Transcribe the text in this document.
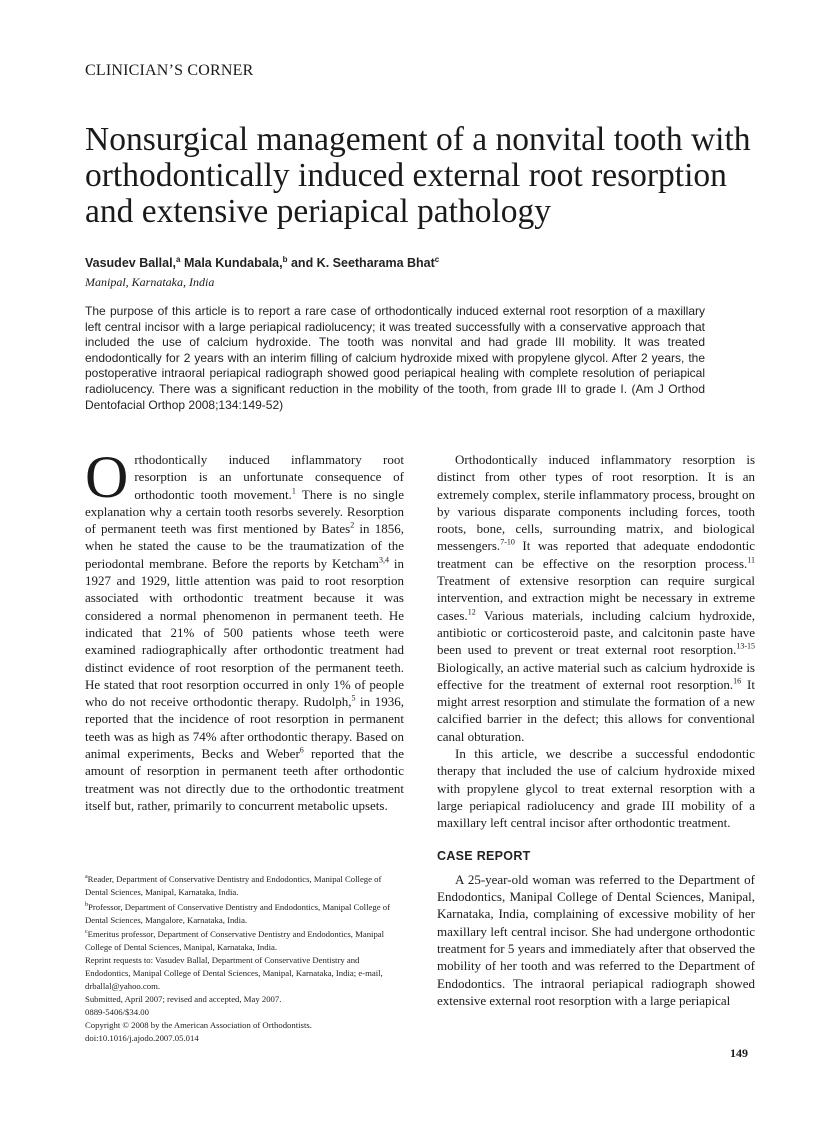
CLINICIAN’S CORNER
Nonsurgical management of a nonvital tooth with orthodontically induced external root resorption and extensive periapical pathology
Vasudev Ballal,$^a$ Mala Kundabala,$^b$ and K. Seetharama Bhat$^c$
Manipal, Karnataka, India
The purpose of this article is to report a rare case of orthodontically induced external root resorption of a maxillary left central incisor with a large periapical radiolucency; it was treated successfully with a conservative approach that included the use of calcium hydroxide. The tooth was nonvital and had grade III mobility. It was treated endodontically for 2 years with an interim filling of calcium hydroxide mixed with propylene glycol. After 2 years, the postoperative intraoral periapical radiograph showed good periapical healing with complete resolution of periapical radiolucency. There was a significant reduction in the mobility of the tooth, from grade III to grade I. (Am J Orthod Dentofacial Orthop 2008;134:149-52)

Orthodontically induced inflammatory root resorption is an unfortunate consequence of orthodontic tooth movement.$^1$ There is no single explanation why a certain tooth resorbs severely. Resorption of permanent teeth was first mentioned by Bates$^2$ in 1856, when he stated the cause to be the traumatization of the periodontal membrane. Before the reports by Ketcham$^{3,4}$ in 1927 and 1929, little attention was paid to root resorption associated with orthodontic treatment because it was considered a normal phenomenon in permanent teeth. He indicated that 21% of 500 patients whose teeth were examined radiographically after orthodontic treatment had distinct evidence of root resorption of the permanent teeth. He stated that root resorption occurred in only 1% of people who do not receive orthodontic therapy. Rudolph,$^5$ in 1936, reported that the incidence of root resorption in permanent teeth was as high as 74% after orthodontic therapy. Based on animal experiments, Becks and Weber$^6$ reported that the amount of resorption in permanent teeth after orthodontic treatment was not directly due to the orthodontic treatment itself but, rather, primarily to concurrent metabolic upsets.

Orthodontically induced inflammatory resorption is distinct from other types of root resorption. It is an extremely complex, sterile inflammatory process, brought on by various disparate components including forces, tooth roots, bone, cells, surrounding matrix, and biological messengers.$^{7-10}$ It was reported that adequate endodontic treatment can be effective on the resorption process.$^{11}$ Treatment of extensive resorption can require surgical intervention, and extraction might be necessary in extreme cases.$^{12}$ Various materials, including calcium hydroxide, antibiotic or corticosteroid paste, and calcitonin paste have been used to prevent or treat external root resorption.$^{13-15}$ Biologically, an active material such as calcium hydroxide is effective for the treatment of external root resorption.$^{16}$ It might arrest resorption and stimulate the formation of a new calcified barrier in the defect; this allows for conventional canal obturation.

In this article, we describe a successful endodontic therapy that included the use of calcium hydroxide mixed with propylene glycol to treat external resorption with a large periapical radiolucency and grade III mobility of a maxillary left central incisor after orthodontic treatment.

CASE REPORT

A 25-year-old woman was referred to the Department of Endodontics, Manipal College of Dental Sciences, Manipal, Karnataka, India, complaining of excessive mobility of her maxillary left central incisor. She had undergone orthodontic treatment for 5 years and immediately after that observed the mobility of her tooth and was referred to the Department of Endodontics. The intraoral periapical radiograph showed extensive external root resorption with a large periapical

$^a$Reader, Department of Conservative Dentistry and Endodontics, Manipal College of Dental Sciences, Manipal, Karnataka, India.
$^b$Professor, Department of Conservative Dentistry and Endodontics, Manipal College of Dental Sciences, Mangalore, Karnataka, India.
$^c$Emeritus professor, Department of Conservative Dentistry and Endodontics, Manipal College of Dental Sciences, Manipal, Karnataka, India.
Reprint requests to: Vasudev Ballal, Department of Conservative Dentistry and Endodontics, Manipal College of Dental Sciences, Manipal, Karnataka, India; e-mail, drballal@yahoo.com.
Submitted, April 2007; revised and accepted, May 2007.
0889-5406/$34.00
Copyright © 2008 by the American Association of Orthodontists.
doi:10.1016/j.ajodo.2007.05.014
149
